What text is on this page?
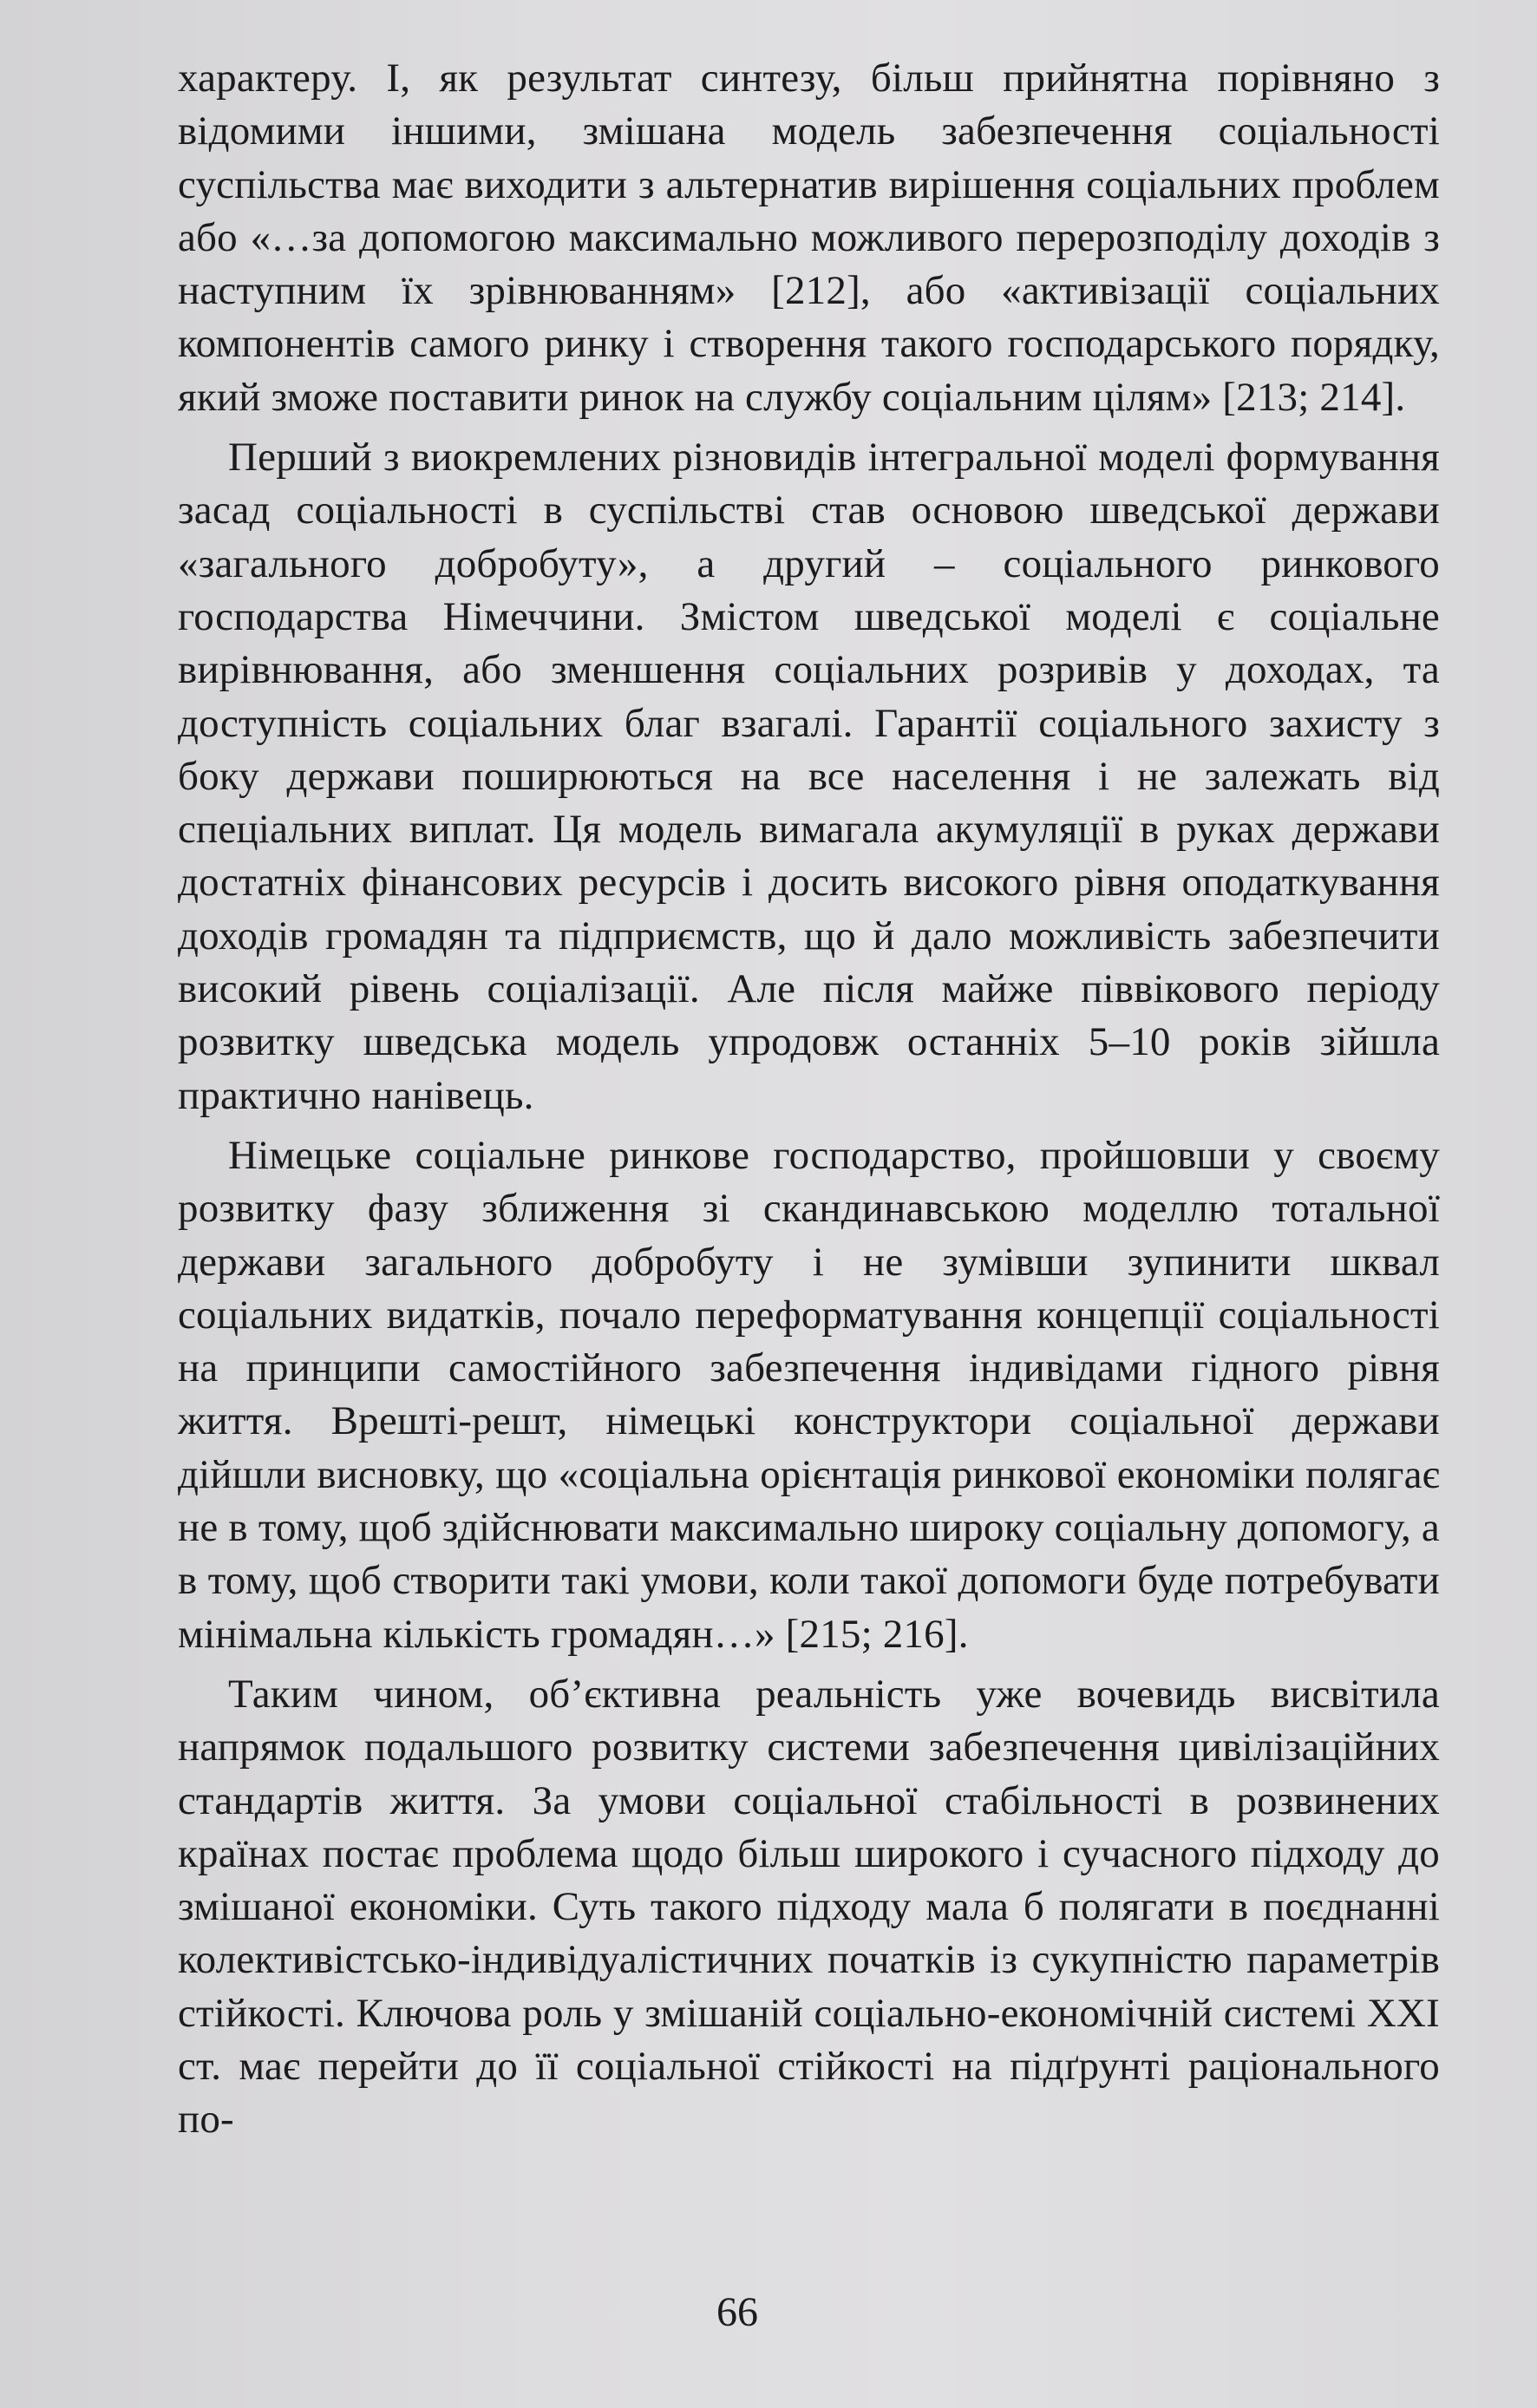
характеру. І, як результат синтезу, більш прийнятна порівняно з відомими іншими, змішана модель забезпечення соціальності суспільства має виходити з альтернатив вирішення соціальних проблем або «…за допомогою максимально можливого перерозподілу доходів з наступним їх зрівнюванням» [212], або «активізації соціальних компонентів самого ринку і створення такого господарського порядку, який зможе поставити ринок на службу соціальним цілям» [213; 214].

Перший з виокремлених різновидів інтегральної моделі формування засад соціальності в суспільстві став основою шведської держави «загального добробуту», а другий – соціального ринкового господарства Німеччини. Змістом шведської моделі є соціальне вирівнювання, або зменшення соціальних розривів у доходах, та доступність соціальних благ взагалі. Гарантії соціального захисту з боку держави поширюються на все населення і не залежать від спеціальних виплат. Ця модель вимагала акумуляції в руках держави достатніх фінансових ресурсів і досить високого рівня оподаткування доходів громадян та підприємств, що й дало можливість забезпечити високий рівень соціалізації. Але після майже піввікового періоду розвитку шведська модель упродовж останніх 5–10 років зійшла практично нанівець.

Німецьке соціальне ринкове господарство, пройшовши у своєму розвитку фазу зближення зі скандинавською моделлю тотальної держави загального добробуту і не зумівши зупинити шквал соціальних видатків, почало переформатування концепції соціальності на принципи самостійного забезпечення індивідами гідного рівня життя. Врешті-решт, німецькі конструктори соціальної держави дійшли висновку, що «соціальна орієнтація ринкової економіки полягає не в тому, щоб здійснювати максимально широку соціальну допомогу, а в тому, щоб створити такі умови, коли такої допомоги буде потребувати мінімальна кількість громадян…» [215; 216].

Таким чином, об’єктивна реальність уже вочевидь висвітила напрямок подальшого розвитку системи забезпечення цивілізаційних стандартів життя. За умови соціальної стабільності в розвинених країнах постає проблема щодо більш широкого і сучасного підходу до змішаної економіки. Суть такого підходу мала б полягати в поєднанні колективістсько-індивідуалістичних початків із сукупністю параметрів стійкості. Ключова роль у змішаній соціально-економічній системі XXI ст. має перейти до її соціальної стійкості на підґрунті раціонального по-

66
